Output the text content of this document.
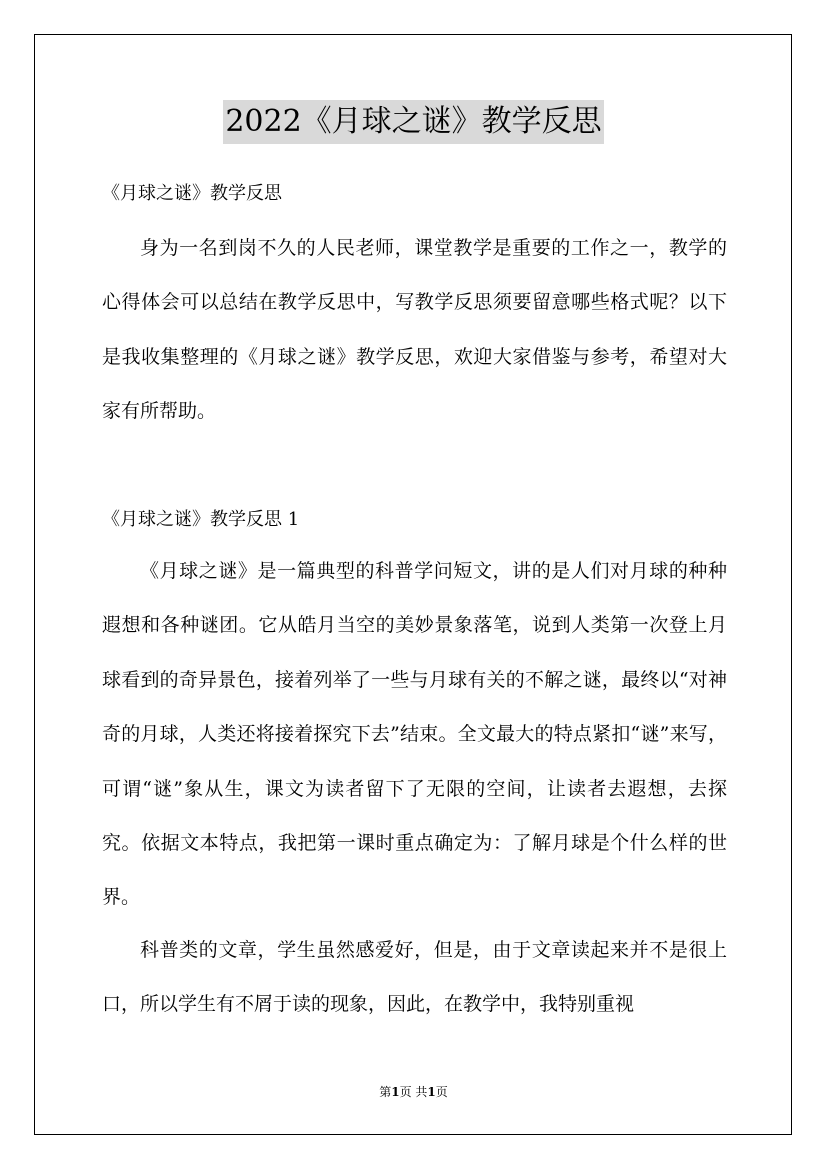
2022《月球之谜》教学反思
《月球之谜》教学反思

身为一名到岗不久的人民老师，课堂教学是重要的工作之一，教学的心得体会可以总结在教学反思中，写教学反思须要留意哪些格式呢？以下是我收集整理的《月球之谜》教学反思，欢迎大家借鉴与参考，希望对大家有所帮助。

《月球之谜》教学反思 1

《月球之谜》是一篇典型的科普学问短文，讲的是人们对月球的种种遐想和各种谜团。它从皓月当空的美妙景象落笔，说到人类第一次登上月球看到的奇异景色，接着列举了一些与月球有关的不解之谜，最终以“对神奇的月球，人类还将接着探究下去”结束。全文最大的特点紧扣“谜”来写，可谓“谜”象从生，课文为读者留下了无限的空间，让读者去遐想，去探究。依据文本特点，我把第一课时重点确定为：了解月球是个什么样的世界。

科普类的文章，学生虽然感爱好，但是，由于文章读起来并不是很上口，所以学生有不屑于读的现象，因此，在教学中，我特别重视

第1页 共1页
